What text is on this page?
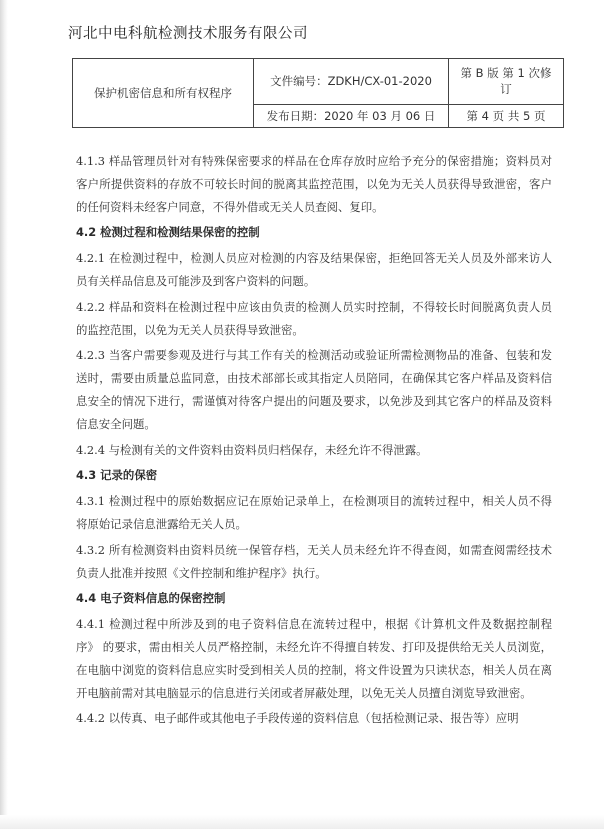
河北中电科航检测技术服务有限公司
保护机密信息和所有权程序	文件编号：ZDKH/CX-01-2020	第 B 版 第 1 次修订
	发布日期：2020 年 03 月 06 日	第 4 页 共 5 页

4.1.3 样品管理员针对有特殊保密要求的样品在仓库存放时应给予充分的保密措施；资料员对客户所提供资料的存放不可较长时间的脱离其监控范围，以免为无关人员获得导致泄密，客户的任何资料未经客户同意，不得外借或无关人员查阅、复印。

4.2 检测过程和检测结果保密的控制

4.2.1 在检测过程中，检测人员应对检测的内容及结果保密，拒绝回答无关人员及外部来访人员有关样品信息及可能涉及到客户资料的问题。

4.2.2 样品和资料在检测过程中应该由负责的检测人员实时控制，不得较长时间脱离负责人员的监控范围，以免为无关人员获得导致泄密。

4.2.3 当客户需要参观及进行与其工作有关的检测活动或验证所需检测物品的准备、包装和发送时，需要由质量总监同意，由技术部部长或其指定人员陪同，在确保其它客户样品及资料信息安全的情况下进行，需谨慎对待客户提出的问题及要求，以免涉及到其它客户的样品及资料信息安全问题。

4.2.4 与检测有关的文件资料由资料员归档保存，未经允许不得泄露。

4.3 记录的保密

4.3.1 检测过程中的原始数据应记在原始记录单上，在检测项目的流转过程中，相关人员不得将原始记录信息泄露给无关人员。

4.3.2 所有检测资料由资料员统一保管存档，无关人员未经允许不得查阅，如需查阅需经技术负责人批准并按照《文件控制和维护程序》执行。

4.4 电子资料信息的保密控制

4.4.1 检测过程中所涉及到的电子资料信息在流转过程中，根据《计算机文件及数据控制程序》 的要求，需由相关人员严格控制，未经允许不得擅自转发、打印及提供给无关人员浏览，在电脑中浏览的资料信息应实时受到相关人员的控制，将文件设置为只读状态，相关人员在离开电脑前需对其电脑显示的信息进行关闭或者屏蔽处理，以免无关人员擅自浏览导致泄密。

4.4.2 以传真、电子邮件或其他电子手段传递的资料信息（包括检测记录、报告等）应明
